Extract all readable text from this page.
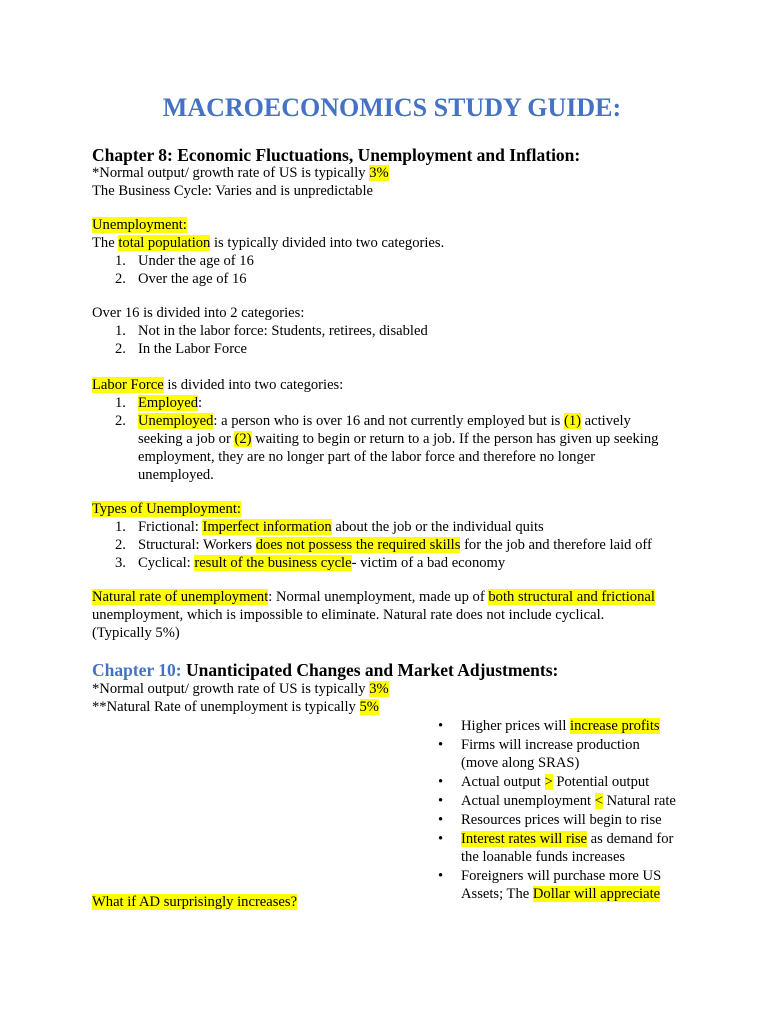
MACROECONOMICS STUDY GUIDE:
Chapter 8: Economic Fluctuations, Unemployment and Inflation:
*Normal output/ growth rate of US is typically 3%
The Business Cycle: Varies and is unpredictable
Unemployment:
The total population is typically divided into two categories.
1. Under the age of 16
2. Over the age of 16
Over 16 is divided into 2 categories:
1. Not in the labor force: Students, retirees, disabled
2. In the Labor Force
Labor Force is divided into two categories:
1. Employed:
2. Unemployed: a person who is over 16 and not currently employed but is (1) actively
seeking a job or (2) waiting to begin or return to a job. If the person has given up seeking
employment, they are no longer part of the labor force and therefore no longer
unemployed.
Types of Unemployment:
1. Frictional: Imperfect information about the job or the individual quits
2. Structural: Workers does not possess the required skills for the job and therefore laid off
3. Cyclical: result of the business cycle- victim of a bad economy
Natural rate of unemployment: Normal unemployment, made up of both structural and frictional
unemployment, which is impossible to eliminate. Natural rate does not include cyclical.
(Typically 5%)
Chapter 10: Unanticipated Changes and Market Adjustments:
*Normal output/ growth rate of US is typically 3%
**Natural Rate of unemployment is typically 5%
• Higher prices will increase profits
• Firms will increase production
(move along SRAS)
• Actual output > Potential output
• Actual unemployment < Natural rate
• Resources prices will begin to rise
• Interest rates will rise as demand for
the loanable funds increases
• Foreigners will purchase more US
Assets; The Dollar will appreciate
What if AD surprisingly increases?
